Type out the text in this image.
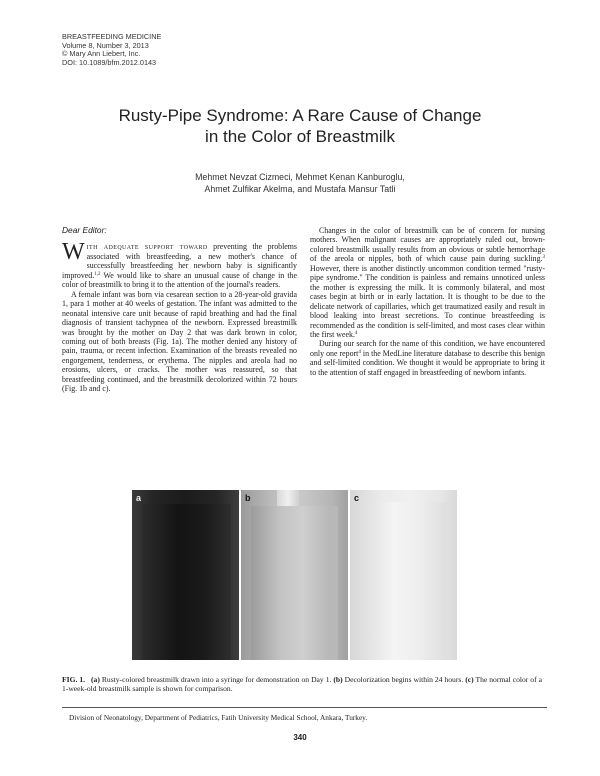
BREASTFEEDING MEDICINE
Volume 8, Number 3, 2013
© Mary Ann Liebert, Inc.
DOI: 10.1089/bfm.2012.0143
Rusty-Pipe Syndrome: A Rare Cause of Change
in the Color of Breastmilk
Mehmet Nevzat Cizmeci, Mehmet Kenan Kanburoglu,
Ahmet Zulfikar Akelma, and Mustafa Mansur Tatli
Dear Editor:

With adequate support toward preventing the problems associated with breastfeeding, a new mother's chance of successfully breastfeeding her newborn baby is significantly improved.$^{1,2}$ We would like to share an unusual cause of change in the color of breastmilk to bring it to the attention of the journal's readers.

A female infant was born via cesarean section to a 28-year-old gravida 1, para 1 mother at 40 weeks of gestation. The infant was admitted to the neonatal intensive care unit because of rapid breathing and had the final diagnosis of transient tachypnea of the newborn. Expressed breastmilk was brought by the mother on Day 2 that was dark brown in color, coming out of both breasts (Fig. 1a). The mother denied any history of pain, trauma, or recent infection. Examination of the breasts revealed no engorgement, tenderness, or erythema. The nipples and areola had no erosions, ulcers, or cracks. The mother was reassured, so that breastfeeding continued, and the breastmilk decolorized within 72 hours (Fig. 1b and c).

Changes in the color of breastmilk can be of concern for nursing mothers. When malignant causes are appropriately ruled out, brown-colored breastmilk usually results from an obvious or subtle hemorrhage of the areola or nipples, both of which cause pain during suckling.$^3$ However, there is another distinctly uncommon condition termed "rusty-pipe syndrome." The condition is painless and remains unnoticed unless the mother is expressing the milk. It is commonly bilateral, and most cases begin at birth or in early lactation. It is thought to be due to the delicate network of capillaries, which get traumatized easily and result in blood leaking into breast secretions. To continue breastfeeding is recommended as the condition is self-limited, and most cases clear within the first week.$^4$

During our search for the name of this condition, we have encountered only one report$^4$ in the MedLine literature database to describe this benign and self-limited condition. We thought it would be appropriate to bring it to the attention of staff engaged in breastfeeding of newborn infants.

a	b	c
FIG. 1. (a) Rusty-colored breastmilk drawn into a syringe for demonstration on Day 1. (b) Decolorization begins within 24 hours. (c) The normal color of a 1-week-old breastmilk sample is shown for comparison.
Division of Neonatology, Department of Pediatrics, Fatih University Medical School, Ankara, Turkey.
340
